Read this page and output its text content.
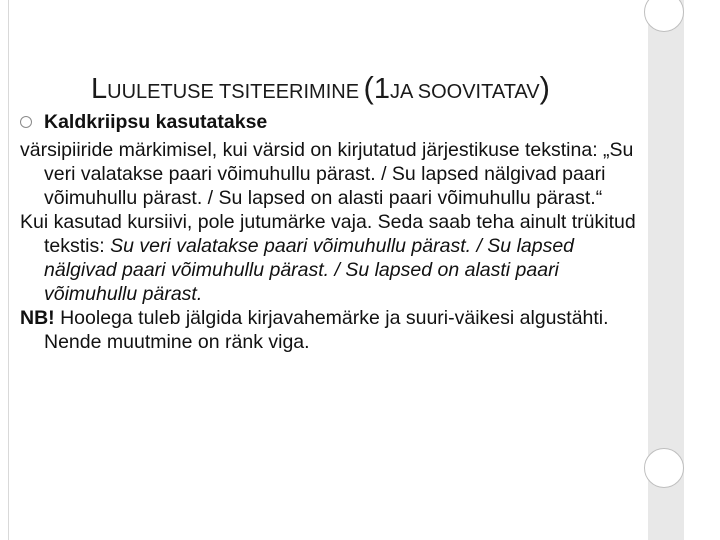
LUULETUSE TSITEERIMINE (1JA SOOVITATAV)
Kaldkriipsu kasutatakse

värsipiiride märkimisel, kui värsid on kirjutatud järjestikuse tekstina: „Su veri valatakse paari võimuhullu pärast. / Su lapsed nälgivad paari võimuhullu pärast. / Su lapsed on alasti paari võimuhullu pärast.“

Kui kasutad kursiivi, pole jutumärke vaja. Seda saab teha ainult trükitud tekstis: Su veri valatakse paari võimuhullu pärast. / Su lapsed nälgivad paari võimuhullu pärast. / Su lapsed on alasti paari võimuhullu pärast.

NB! Hoolega tuleb jälgida kirjavahemärke ja suuri-väikesi algustähti. Nende muutmine on ränk viga.
